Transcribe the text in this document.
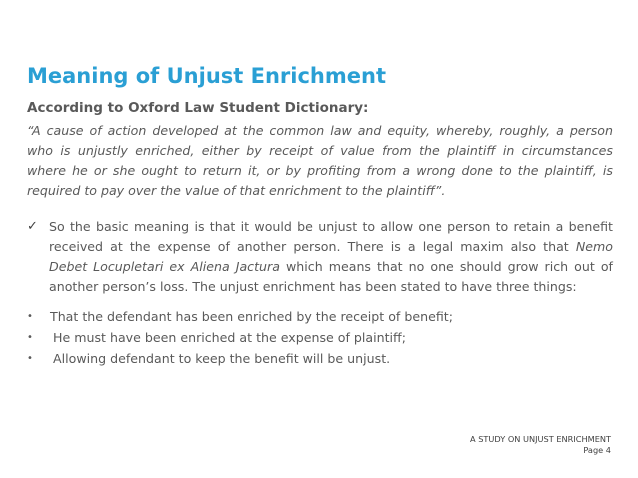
Meaning of Unjust Enrichment
According to Oxford Law Student Dictionary:
“A cause of action developed at the common law and equity, whereby, roughly, a person
who is unjustly enriched, either by receipt of value from the plaintiff in circumstances
where he or she ought to return it, or by profiting from a wrong done to the plaintiff, is
required to pay over the value of that enrichment to the plaintiff”.
✓ So the basic meaning is that it would be unjust to allow one person to retain a benefit
received at the expense of another person. There is a legal maxim also that Nemo
Debet Locupletari ex Aliena Jactura which means that no one should grow rich out of
another person’s loss. The unjust enrichment has been stated to have three things:
• That the defendant has been enriched by the receipt of benefit;
• He must have been enriched at the expense of plaintiff;
• Allowing defendant to keep the benefit will be unjust.
A STUDY ON UNJUST ENRICHMENT
Page 4
